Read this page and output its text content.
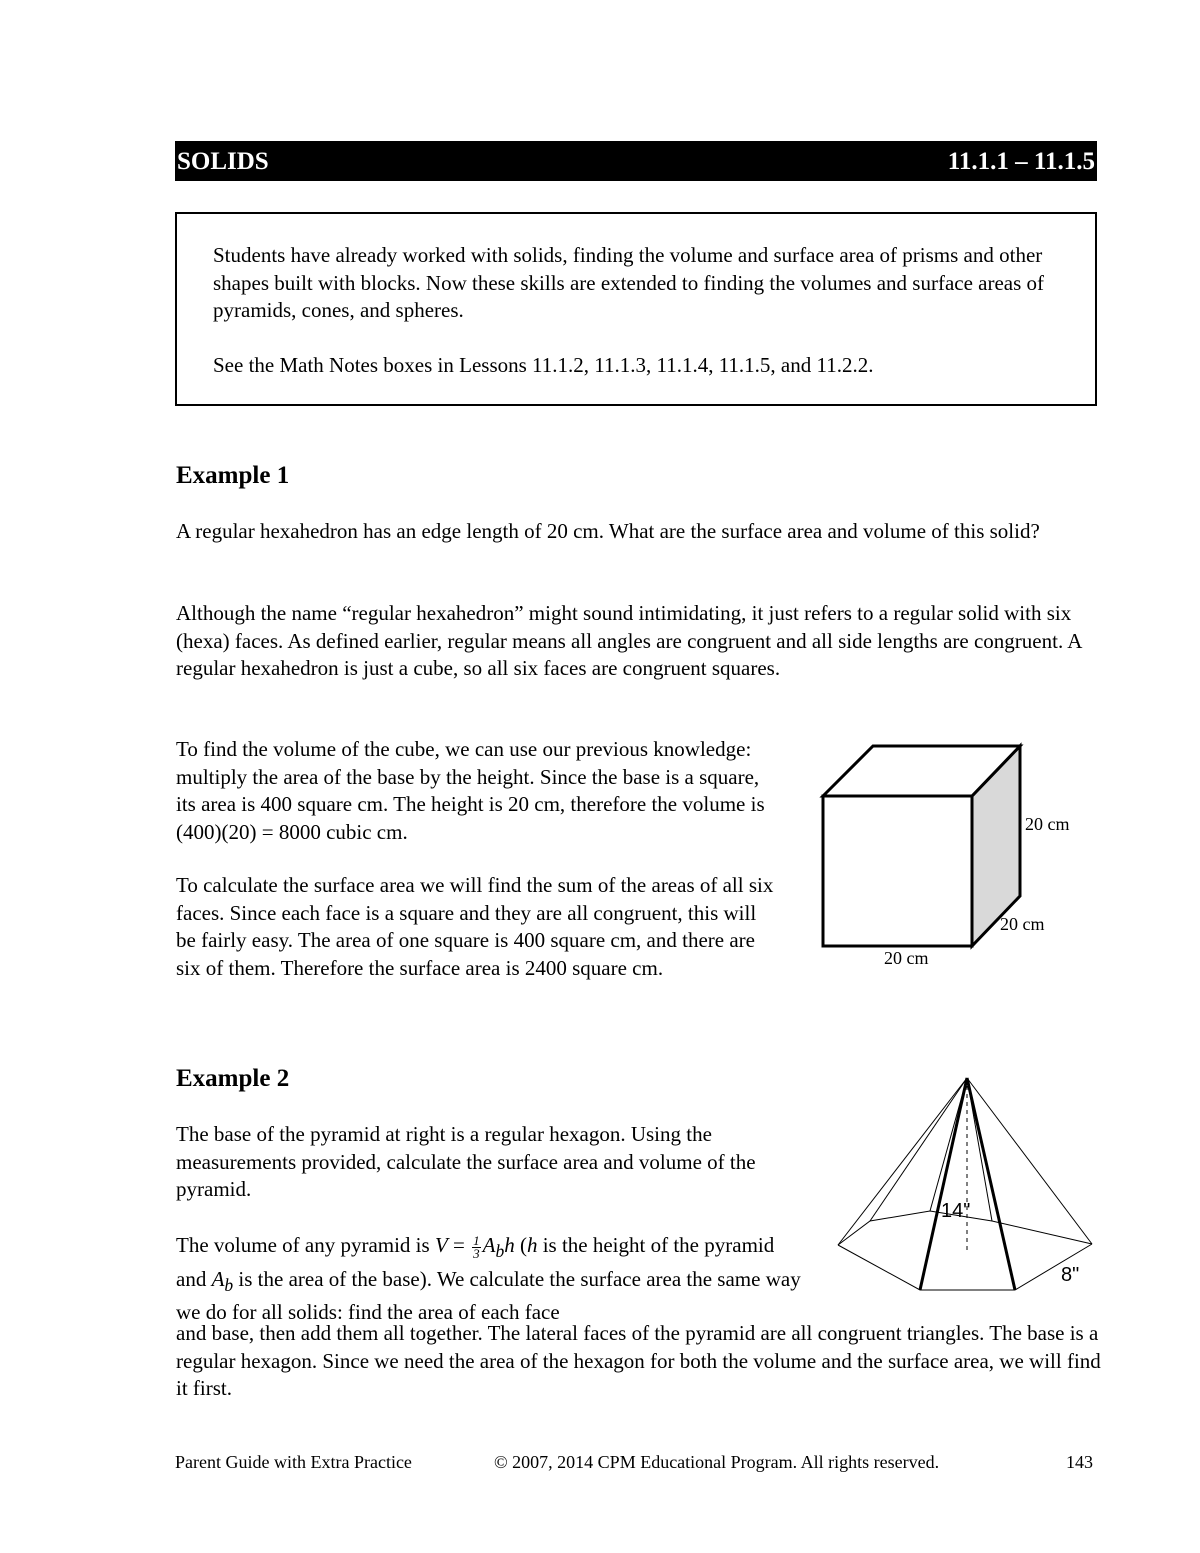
SOLIDS	11.1.1 – 11.1.5

Students have already worked with solids, finding the volume and surface area of prisms and other shapes built with blocks. Now these skills are extended to finding the volumes and surface areas of pyramids, cones, and spheres.

See the Math Notes boxes in Lessons 11.1.2, 11.1.3, 11.1.4, 11.1.5, and 11.2.2.

Example 1

A regular hexahedron has an edge length of 20 cm. What are the surface area and volume of this solid?

Although the name “regular hexahedron” might sound intimidating, it just refers to a regular solid with six (hexa) faces. As defined earlier, regular means all angles are congruent and all side lengths are congruent. A regular hexahedron is just a cube, so all six faces are congruent squares.

To find the volume of the cube, we can use our previous knowledge: multiply the area of the base by the height. Since the base is a square, its area is 400 square cm. The height is 20 cm, therefore the volume is (400)(20) = 8000 cubic cm.

To calculate the surface area we will find the sum of the areas of all six faces. Since each face is a square and they are all congruent, this will be fairly easy. The area of one square is 400 square cm, and there are six of them. Therefore the surface area is 2400 square cm.

20 cm
20 cm
20 cm
Example 2

The base of the pyramid at right is a regular hexagon. Using the measurements provided, calculate the surface area and volume of the pyramid.

The volume of any pyramid is $V = \frac{1}{3} A_bh$ (h is the height of the pyramid and $A_b$ is the area of the base). We calculate the surface area the same way we do for all solids: find the area of each face

and base, then add them all together. The lateral faces of the pyramid are all congruent triangles. The base is a regular hexagon. Since we need the area of the hexagon for both the volume and the surface area, we will find it first.

14"
8"
Parent Guide with Extra Practice	© 2007, 2014 CPM Educational Program. All rights reserved.	143
